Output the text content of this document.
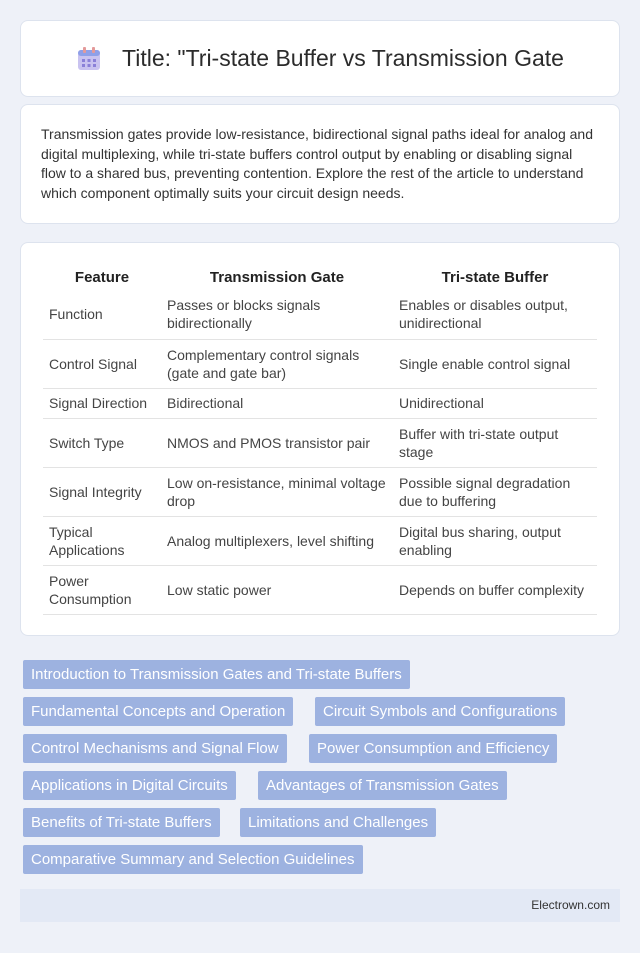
Title: "Tri-state Buffer vs Transmission Gate

Transmission gates provide low-resistance, bidirectional signal paths ideal for analog and digital multiplexing, while tri-state buffers control output by enabling or disabling signal flow to a shared bus, preventing contention. Explore the rest of the article to understand which component optimally suits your circuit design needs.

Feature	Transmission Gate	Tri-state Buffer
Function	Passes or blocks signals bidirectionally	Enables or disables output, unidirectional
Control Signal	Complementary control signals (gate and gate bar)	Single enable control signal
Signal Direction	Bidirectional	Unidirectional
Switch Type	NMOS and PMOS transistor pair	Buffer with tri-state output stage
Signal Integrity	Low on-resistance, minimal voltage drop	Possible signal degradation due to buffering
Typical Applications	Analog multiplexers, level shifting	Digital bus sharing, output enabling
Power Consumption	Low static power	Depends on buffer complexity
Introduction to Transmission Gates and Tri-state Buffers
Fundamental Concepts and Operation	Circuit Symbols and Configurations
Control Mechanisms and Signal Flow	Power Consumption and Efficiency
Applications in Digital Circuits	Advantages of Transmission Gates
Benefits of Tri-state Buffers	Limitations and Challenges
Comparative Summary and Selection Guidelines
Electrown.com
